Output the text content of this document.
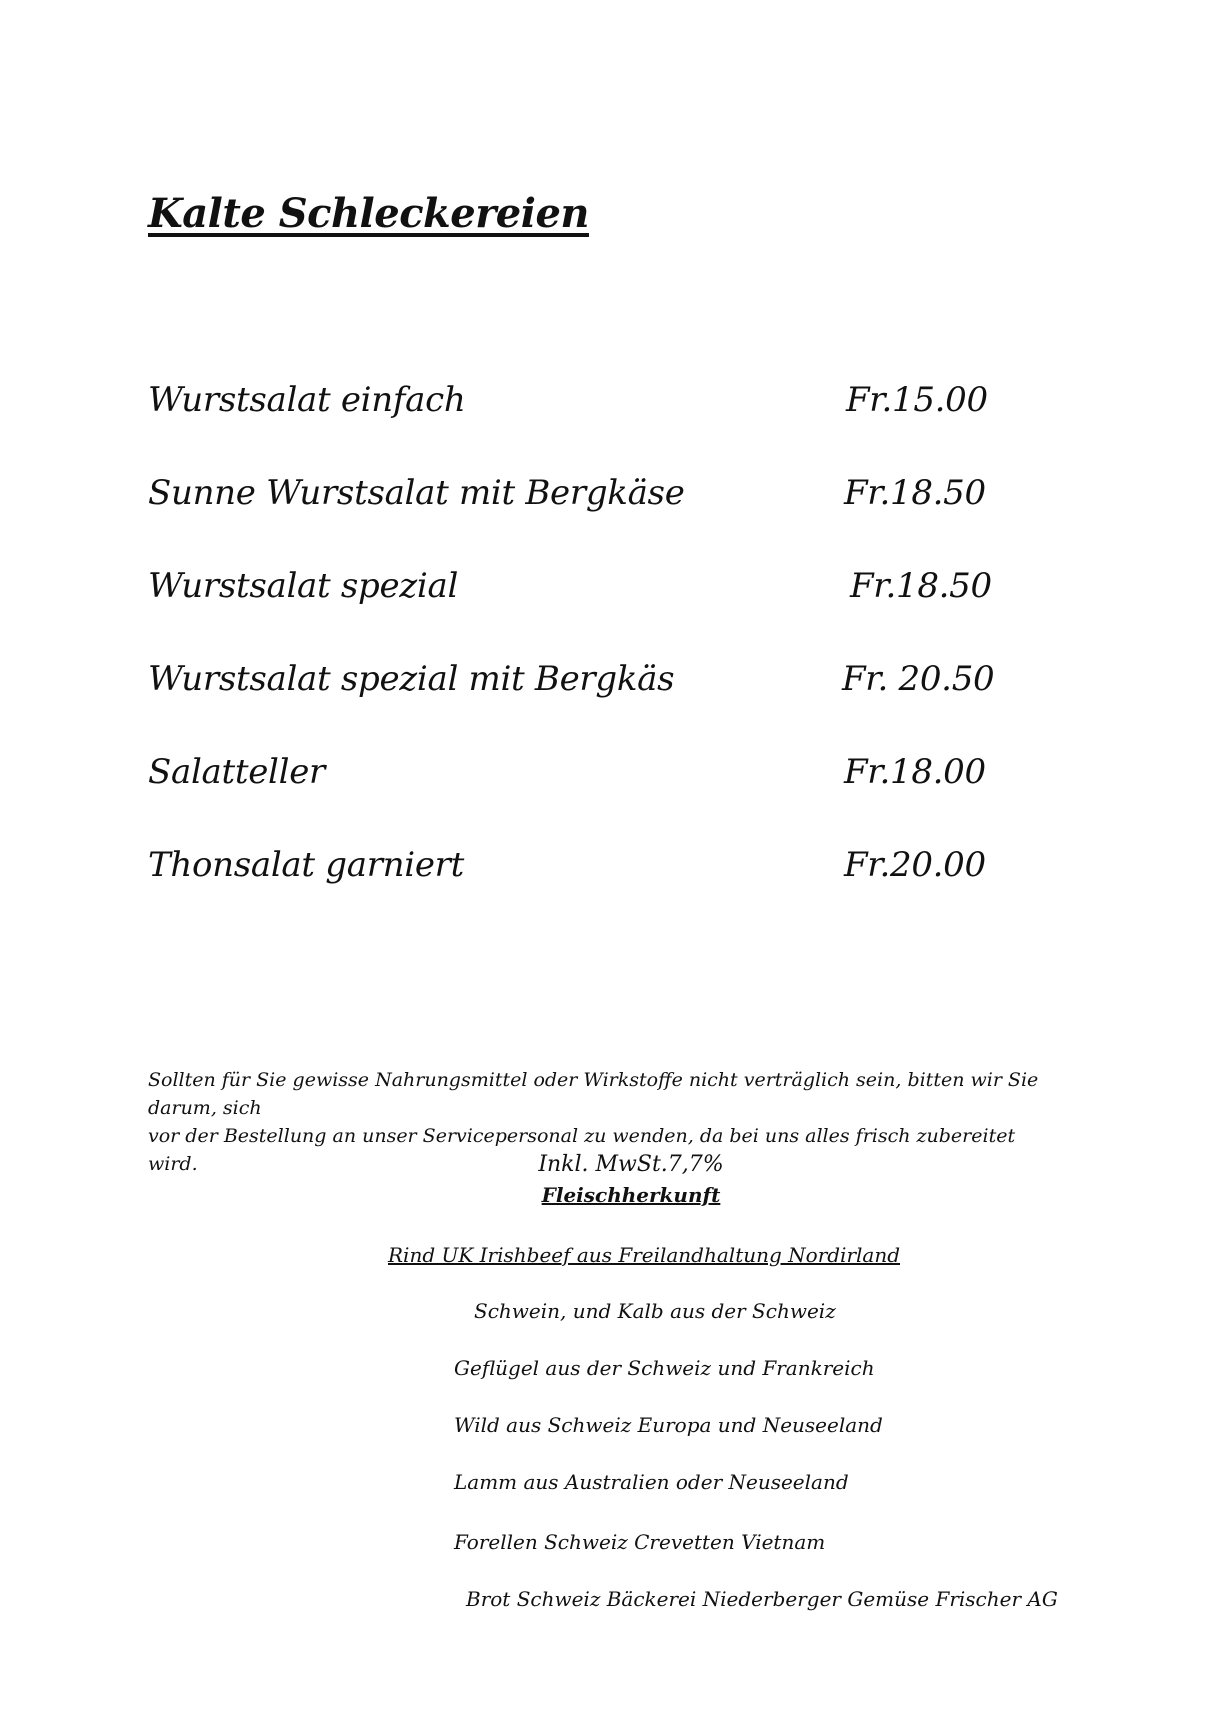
Kalte Schleckereien
Wurstsalat einfach	Fr.15.00
Sunne Wurstsalat mit Bergkäse	Fr.18.50
Wurstsalat spezial	Fr.18.50
Wurstsalat spezial mit Bergkäs	Fr. 20.50
Salatteller	Fr.18.00
Thonsalat garniert	Fr.20.00
Sollten für Sie gewisse Nahrungsmittel oder Wirkstoffe nicht verträglich sein, bitten wir Sie darum, sich
vor der Bestellung an unser Servicepersonal zu wenden, da bei uns alles frisch zubereitet wird.	Inkl. MwSt.7,7%
Fleischherkunft
Rind UK Irishbeef aus Freilandhaltung Nordirland
Schwein, und Kalb aus der Schweiz
Geflügel aus der Schweiz und Frankreich
Wild aus Schweiz Europa und Neuseeland
Lamm aus Australien oder Neuseeland
Forellen Schweiz Crevetten Vietnam
Brot Schweiz Bäckerei Niederberger Gemüse Frischer AG
